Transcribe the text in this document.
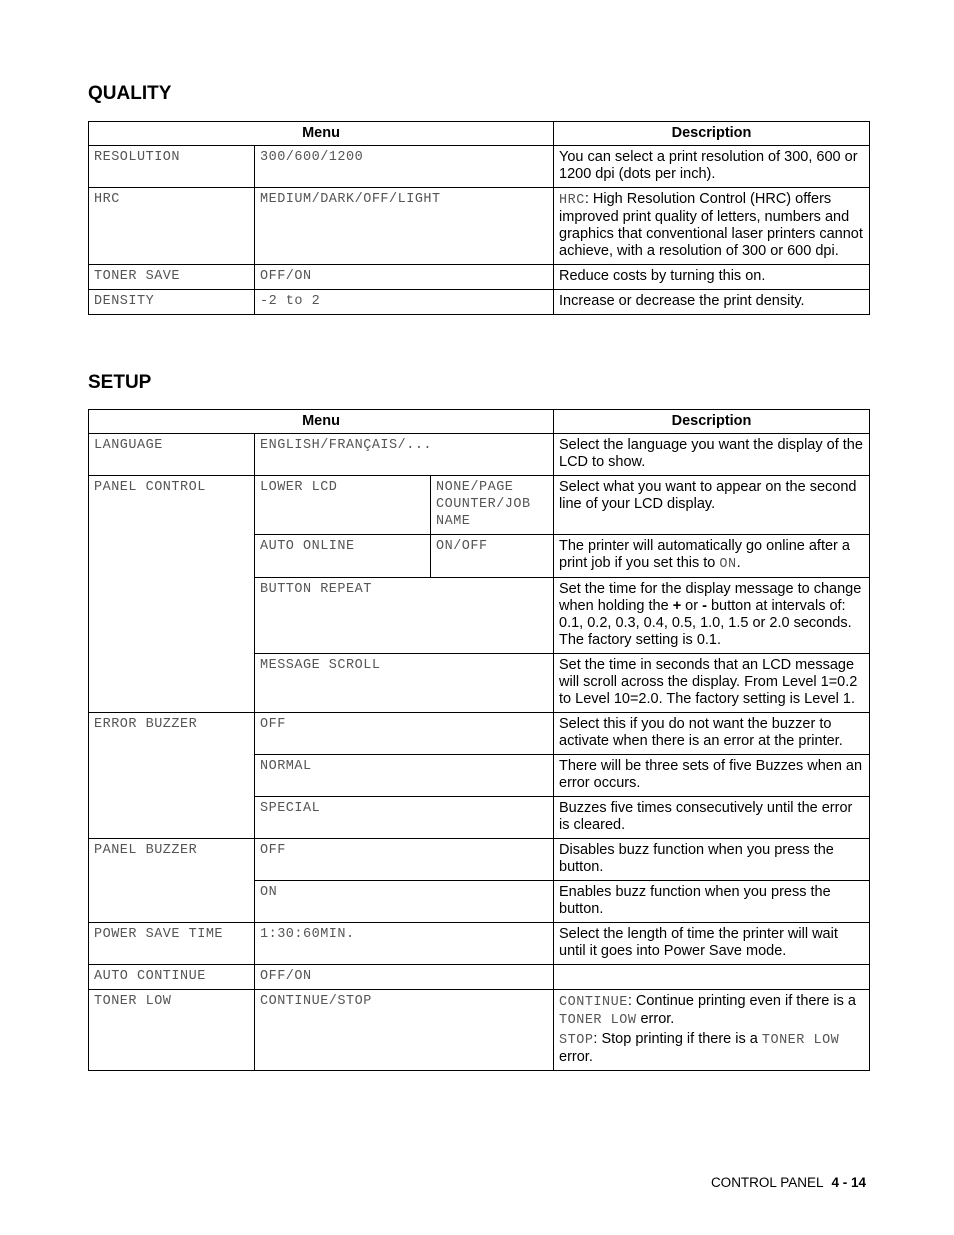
QUALITY
Menu		Description
RESOLUTION	300/600/1200	You can select a print resolution of 300, 600 or 1200 dpi (dots per inch).
HRC	MEDIUM/DARK/OFF/LIGHT	HRC: High Resolution Control (HRC) offers improved print quality of letters, numbers and graphics that conventional laser printers cannot achieve, with a resolution of 300 or 600 dpi.
TONER SAVE	OFF/ON	Reduce costs by turning this on.
DENSITY	-2 to 2	Increase or decrease the print density.
SETUP
Menu			Description
LANGUAGE	ENGLISH/FRANÇAIS/...		Select the language you want the display of the LCD to show.
PANEL CONTROL	LOWER LCD	NONE/PAGE COUNTER/JOB NAME	Select what you want to appear on the second line of your LCD display.
	AUTO ONLINE	ON/OFF	The printer will automatically go online after a print job if you set this to ON.
	BUTTON REPEAT		Set the time for the display message to change when holding the + or - button at intervals of: 0.1, 0.2, 0.3, 0.4, 0.5, 1.0, 1.5 or 2.0 seconds. The factory setting is 0.1.
	MESSAGE SCROLL		Set the time in seconds that an LCD message will scroll across the display. From Level 1=0.2 to Level 10=2.0. The factory setting is Level 1.
ERROR BUZZER	OFF		Select this if you do not want the buzzer to activate when there is an error at the printer.
	NORMAL		There will be three sets of five Buzzes when an error occurs.
	SPECIAL		Buzzes five times consecutively until the error is cleared.
PANEL BUZZER	OFF		Disables buzz function when you press the button.
	ON		Enables buzz function when you press the button.
POWER SAVE TIME	1:30:60MIN.		Select the length of time the printer will wait until it goes into Power Save mode.
AUTO CONTINUE	OFF/ON		
TONER LOW	CONTINUE/STOP		CONTINUE: Continue printing even if there is a TONER LOW error.
STOP: Stop printing if there is a TONER LOW error.
CONTROL PANEL 4 - 14
